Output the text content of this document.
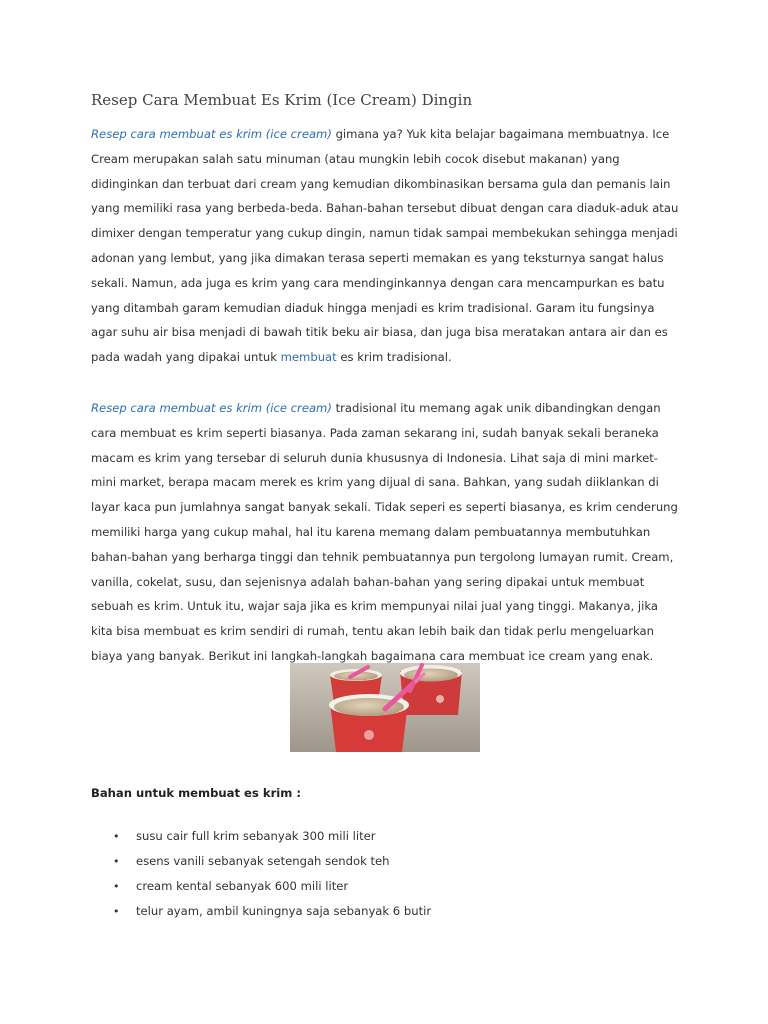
Resep Cara Membuat Es Krim (Ice Cream) Dingin

Resep cara membuat es krim (ice cream) gimana ya? Yuk kita belajar bagaimana membuatnya. Ice Cream merupakan salah satu minuman (atau mungkin lebih cocok disebut makanan) yang didinginkan dan terbuat dari cream yang kemudian dikombinasikan bersama gula dan pemanis lain yang memiliki rasa yang berbeda-beda. Bahan-bahan tersebut dibuat dengan cara diaduk-aduk atau dimixer dengan temperatur yang cukup dingin, namun tidak sampai membekukan sehingga menjadi adonan yang lembut, yang jika dimakan terasa seperti memakan es yang teksturnya sangat halus sekali. Namun, ada juga es krim yang cara mendinginkannya dengan cara mencampurkan es batu yang ditambah garam kemudian diaduk hingga menjadi es krim tradisional. Garam itu fungsinya agar suhu air bisa menjadi di bawah titik beku air biasa, dan juga bisa meratakan antara air dan es pada wadah yang dipakai untuk membuat es krim tradisional.

Resep cara membuat es krim (ice cream) tradisional itu memang agak unik dibandingkan dengan cara membuat es krim seperti biasanya. Pada zaman sekarang ini, sudah banyak sekali beraneka macam es krim yang tersebar di seluruh dunia khususnya di Indonesia. Lihat saja di mini market-mini market, berapa macam merek es krim yang dijual di sana. Bahkan, yang sudah diiklankan di layar kaca pun jumlahnya sangat banyak sekali. Tidak seperi es seperti biasanya, es krim cenderung memiliki harga yang cukup mahal, hal itu karena memang dalam pembuatannya membutuhkan bahan-bahan yang berharga tinggi dan tehnik pembuatannya pun tergolong lumayan rumit. Cream, vanilla, cokelat, susu, dan sejenisnya adalah bahan-bahan yang sering dipakai untuk membuat sebuah es krim. Untuk itu, wajar saja jika es krim mempunyai nilai jual yang tinggi. Makanya, jika kita bisa membuat es krim sendiri di rumah, tentu akan lebih baik dan tidak perlu mengeluarkan biaya yang banyak. Berikut ini langkah-langkah bagaimana cara membuat ice cream yang enak.

Bahan untuk membuat es krim :

• susu cair full krim sebanyak 300 mili liter
• esens vanili sebanyak setengah sendok teh
• cream kental sebanyak 600 mili liter
• telur ayam, ambil kuningnya saja sebanyak 6 butir
